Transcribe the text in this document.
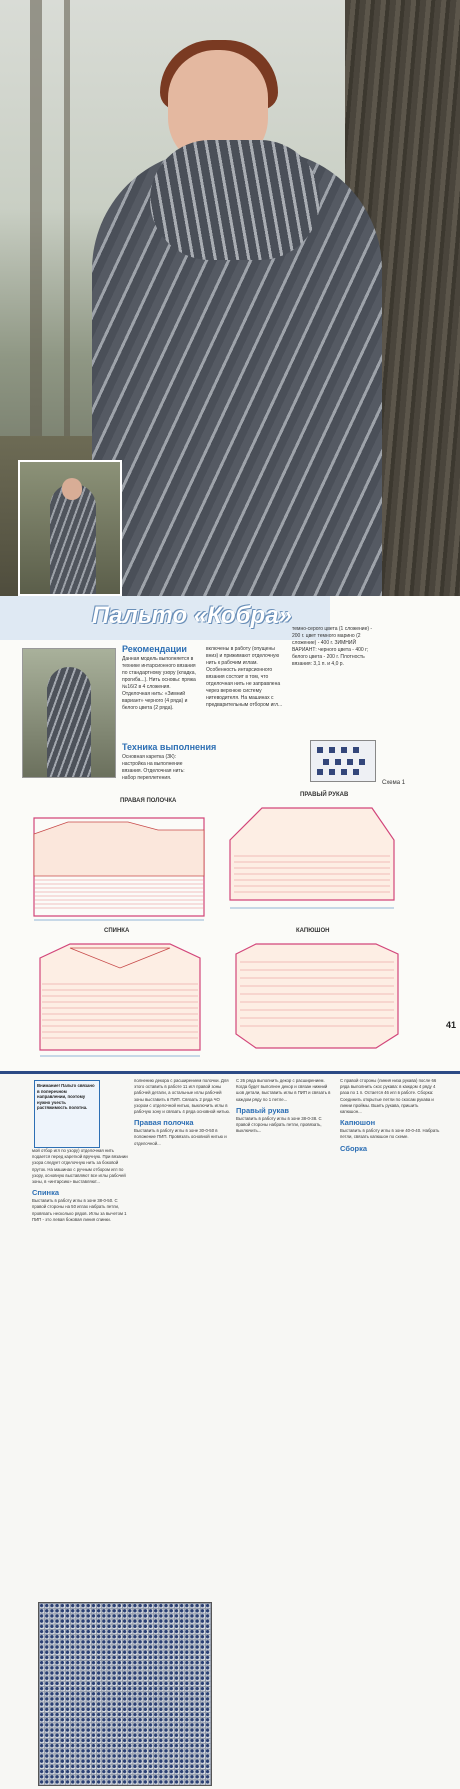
Пальто «Кобра»
Рекомендации
Данная модель выполняется в технике интарсионного вязания по стандартному узору (кладка, прогиба...). Нить основы: пряжа №16/2 в 4 сложения. Отделочная нить: «Зимний вариант» черного (4 ряда) и белого цвета (2 ряда).
Техника выполнения
Основная каретка (ЗК): настройка на выполнение вязания. Отделочная нить: набор переплетения.
включены в работу (опущены вниз) и прижимают отделочную нить к рабочим иглам. Особенность интарсионного вязания состоит в том, что отделочная нить не заправлена через верхнюю систему нитеводителя. На машинах с предварительным отбором игл...
темно-серого цвета (1 сложение) - 200 г. цвет темного марино (2 сложение) - 400 г. ЗИМНИЙ ВАРИАНТ: черного цвета - 400 г; белого цвета - 200 г. Плотность вязания: 3,1 п. и 4,0 р.
Схема 1
ПРАВАЯ ПОЛОЧКА
ПРАВЫЙ РУКАВ
СПИНКА	КАПЮШОН
41
Внимание! Пальто связано в поперечном направлении, поэтому нужно учесть растяжимость полотна.
мой отбор игл по узору) отделочная нить подается перед кареткой вручную. При вязании узора следует отделочную нить за боковой пруток. На машинах с ручным отбором игл по узору, основную выставляют все иглы рабочей зоны, в «интарсию» выставляют...
Спинка
Выставить в работу иглы в зоне 38-0-50. С правой стороны на 50 иглах набрать петли, провязать несколько рядов. Иглы за вычетом 1 ПИП - это левая боковая линия спинки.
полнению декора с расширением полочки. Для этого оставить в работе 11 игл правой зоны рабочей детали, а остальные иглы рабочей зоны выставить в ПИП. Связать 2 ряда ЧО узором с отделочной нитью, выключить иглы в рабочую зону и связать 4 ряда основной нитью.
Правая полочка
Выставить в работу иглы в зоне 30-0-50 в положение ПИП. Провязать основной нитью и отделочной...
С 26 ряда выполнить декор с расширением. Когда будет выполнен декор и связан нижний шов детали, выставить иглы в ПИП и связать в каждом ряду по 1 петле...
Правый рукав
Выставить в работу иглы в зоне 38-0-38. С правой стороны набрать петли, провязать, выключить...
С правой стороны (линия низа рукава) после 66 ряда выполнить скос рукава: в каждом 4 ряду 4 раза по 1 п. Остается 46 игл в работе. Сборка: Соединить открытые петли по скосам рукава и линии проймы. Вшить рукава, пришить капюшон...
Капюшон
Выставить в работу иглы в зоне 40-0-40. Набрать петли, связать капюшон по схеме.
Сборка
